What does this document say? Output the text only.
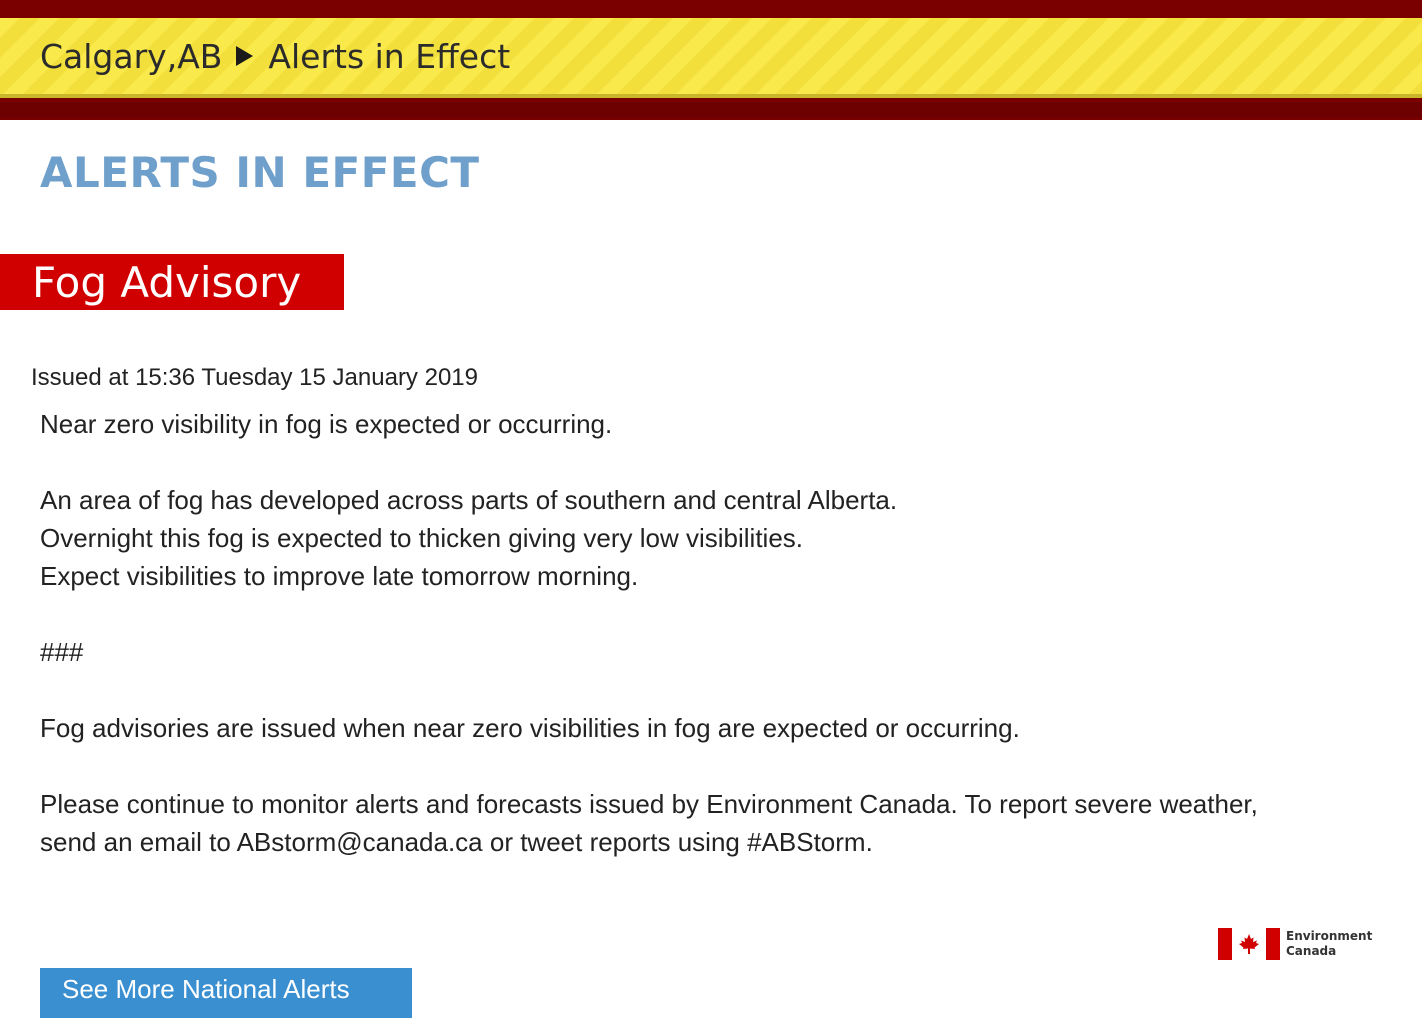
Calgary,AB Alerts in Effect
ALERTS IN EFFECT
Fog Advisory
Issued at 15:36 Tuesday 15 January 2019

Near zero visibility in fog is expected or occurring.

An area of fog has developed across parts of southern and central Alberta.

Overnight this fog is expected to thicken giving very low visibilities.

Expect visibilities to improve late tomorrow morning.

###

Fog advisories are issued when near zero visibilities in fog are expected or occurring.

Please continue to monitor alerts and forecasts issued by Environment Canada. To report severe weather,

send an email to ABstorm@canada.ca or tweet reports using #ABStorm.

Environment
Canada
See More National Alerts
